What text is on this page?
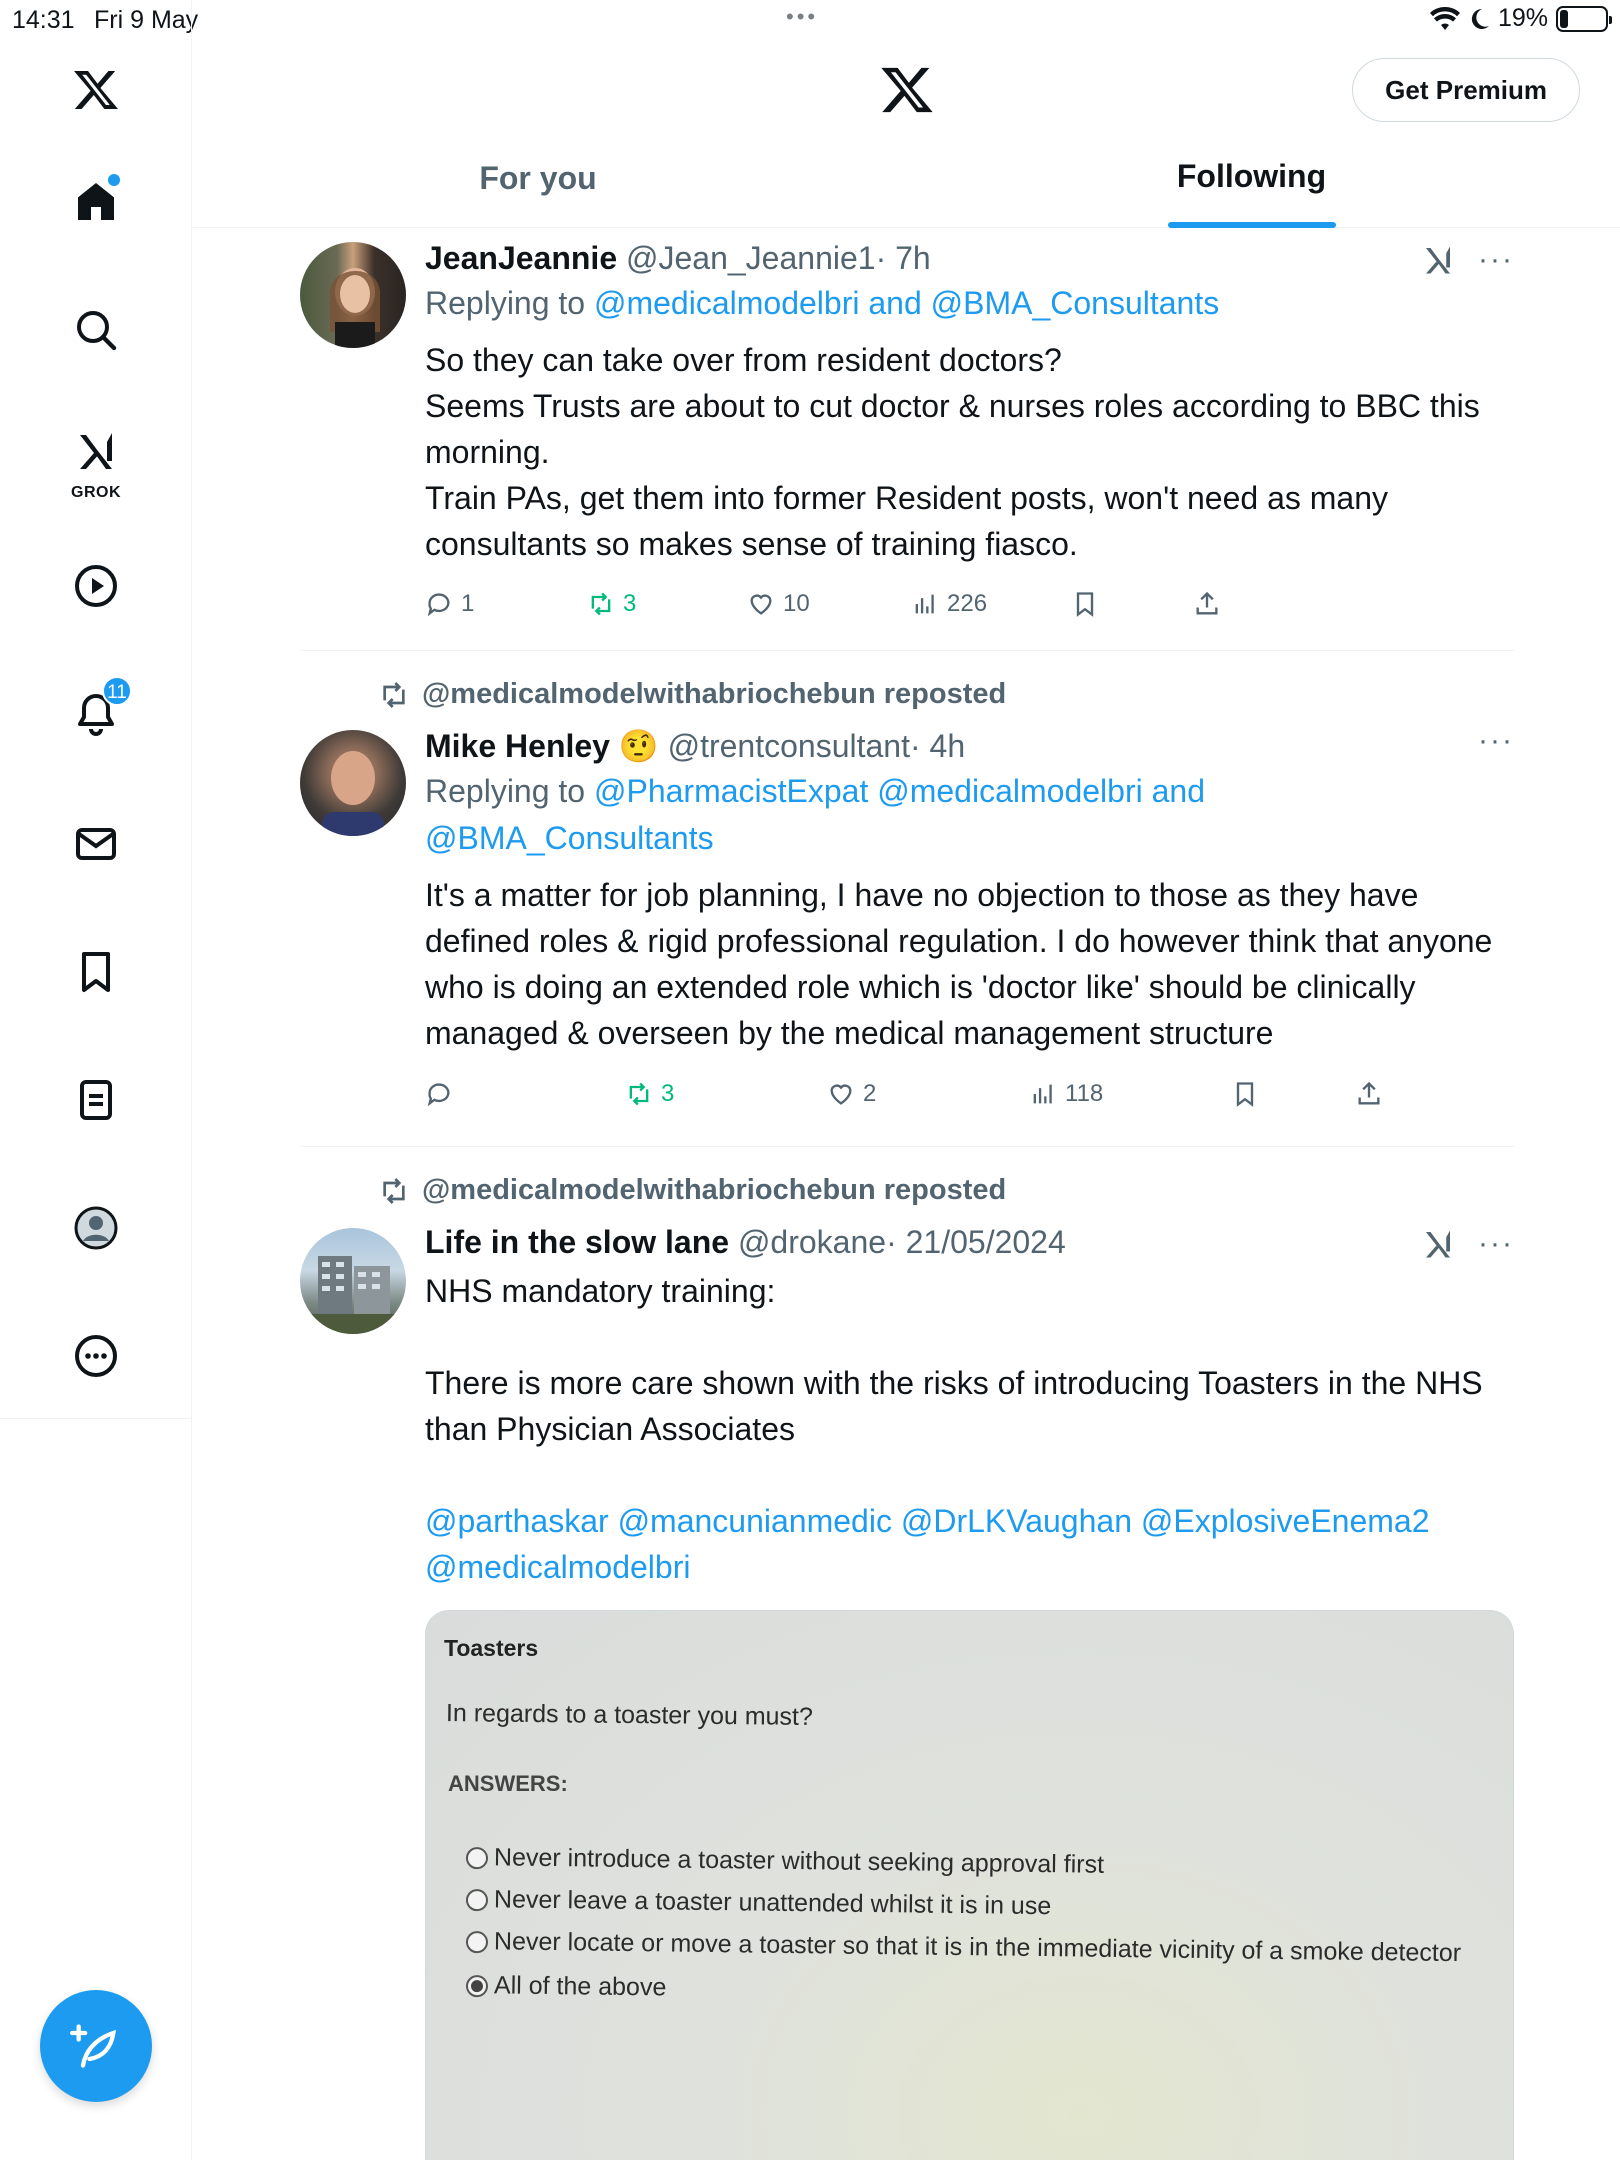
14:31 Fri 9 May	•••	19%
GROK
11
Get Premium
For you	Following
JeanJeannie @Jean_Jeannie1· 7h	···
Replying to @medicalmodelbri and @BMA_Consultants
So they can take over from resident doctors?
Seems Trusts are about to cut doctor & nurses roles according to BBC this morning.
Train PAs, get them into former Resident posts, won't need as many consultants so makes sense of training fiasco.
1	3	10	226
@medicalmodelwithabriochebun reposted
Mike Henley 🤨 @trentconsultant· 4h	···
Replying to @PharmacistExpat @medicalmodelbri and
@BMA_Consultants
It's a matter for job planning, I have no objection to those as they have defined roles & rigid professional regulation. I do however think that anyone who is doing an extended role which is 'doctor like' should be clinically managed & overseen by the medical management structure
3	2	118
@medicalmodelwithabriochebun reposted
Life in the slow lane @drokane· 21/05/2024	···
NHS mandatory training:
There is more care shown with the risks of introducing Toasters in the NHS than Physician Associates
@parthaskar @mancunianmedic @DrLKVaughan @ExplosiveEnema2 @medicalmodelbri
Toasters
In regards to a toaster you must?
ANSWERS:
Never introduce a toaster without seeking approval first
Never leave a toaster unattended whilst it is in use
Never locate or move a toaster so that it is in the immediate vicinity of a smoke detector
All of the above
